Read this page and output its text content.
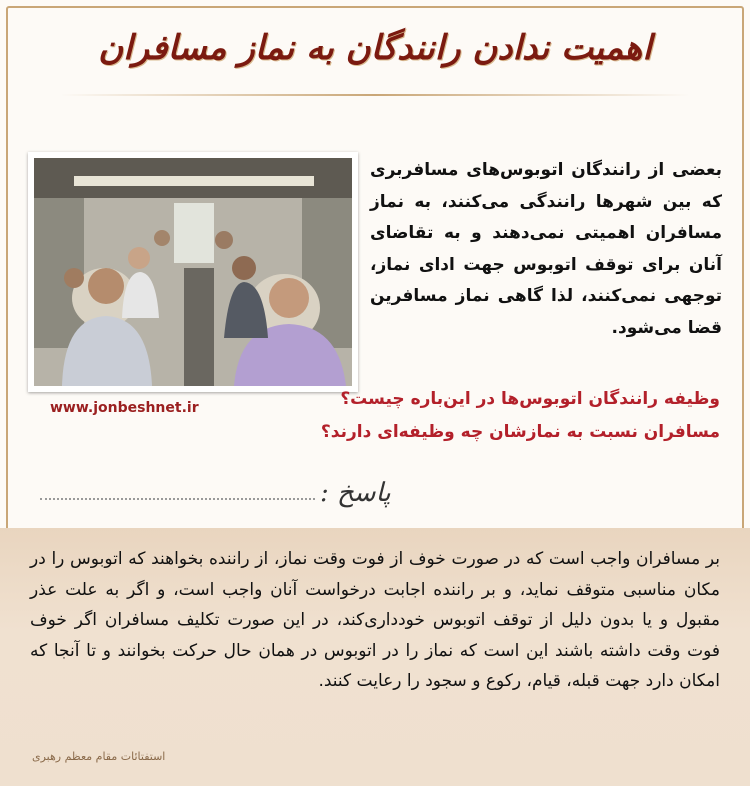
اهمیت ندادن رانندگان به نماز مسافران
www.jonbeshnet.ir
بعضی از رانندگان اتوبوس‌های مسافربری که بین شهرها رانندگی می‌کنند، به نماز مسافران اهمیتی نمی‌دهند و به تقاضای آنان برای توقف اتوبوس جهت ادای نماز، توجهی نمی‌کنند، لذا گاهی نماز مسافرین قضا می‌شود.
وظیفه رانندگان اتوبوس‌ها در این‌باره چیست؟
مسافران نسبت به نمازشان چه وظیفه‌ای دارند؟
پاسخ :
بر مسافران واجب است که در صورت خوف از فوت وقت نماز، از راننده بخواهند که اتوبوس را در مکان مناسبی متوقف نماید، و بر راننده اجابت درخواست آنان واجب است، و اگر به علت عذر مقبول و یا بدون دلیل از توقف اتوبوس خودداری‌کند، در این صورت تکلیف مسافران اگر خوف فوت وقت داشته باشند این است که نماز را در اتوبوس در همان حال حرکت بخوانند و تا آنجا که امکان دارد جهت قبله، قیام، رکوع و سجود را رعایت کنند.
استفتائات مقام معظم رهبری
